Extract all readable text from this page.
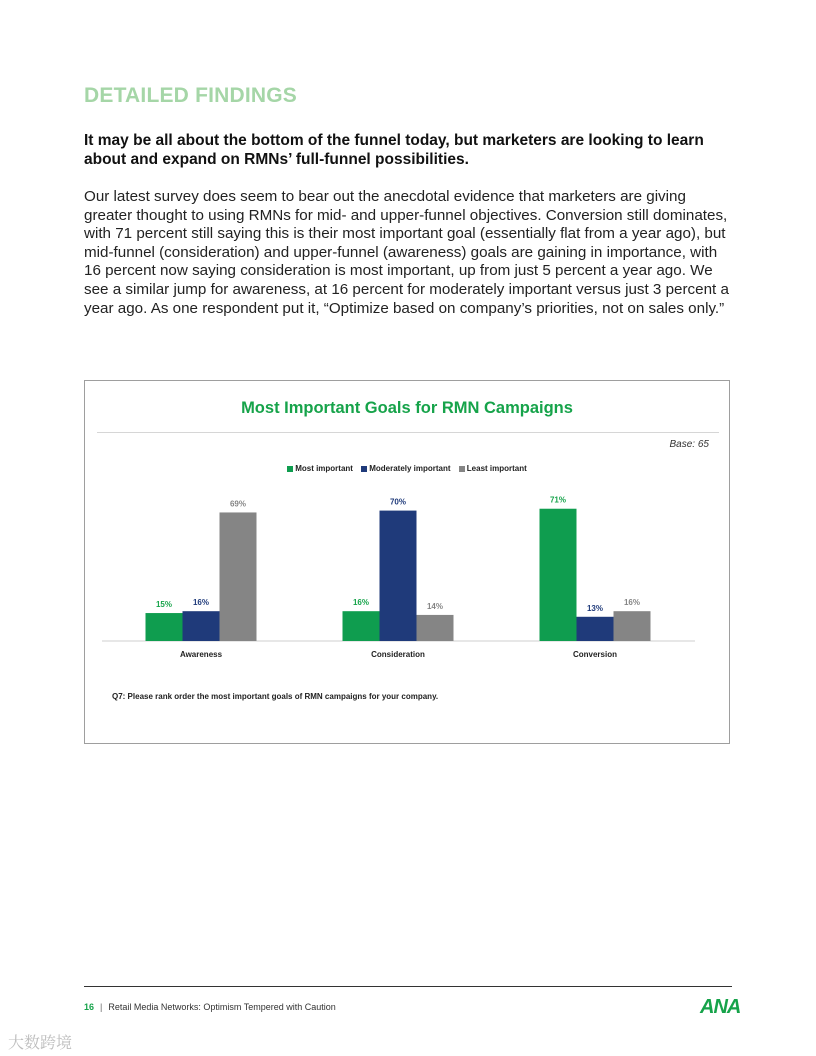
DETAILED FINDINGS

It may be all about the bottom of the funnel today, but marketers are looking to learn about and expand on RMNs’ full-funnel possibilities.

Our latest survey does seem to bear out the anecdotal evidence that marketers are giving greater thought to using RMNs for mid- and upper-funnel objectives. Conversion still dominates, with 71 percent still saying this is their most important goal (essentially flat from a year ago), but mid-funnel (consideration) and upper-funnel (awareness) goals are gaining in importance, with 16 percent now saying consideration is most important, up from just 5 percent a year ago. We see a similar jump for awareness, at 16 percent for moderately important versus just 3 percent a year ago. As one respondent put it, “Optimize based on company’s priorities, not on sales only.”

Most Important Goals for RMN Campaigns
Base: 65
Most important Moderately important Least important
15%	16%
69%
Awareness
16%
70%
14%
Consideration
71%
13%
16%
Conversion
Q7: Please rank order the most important goals of RMN campaigns for your company.
16 | Retail Media Networks: Optimism Tempered with Caution	ANA
大数跨境
